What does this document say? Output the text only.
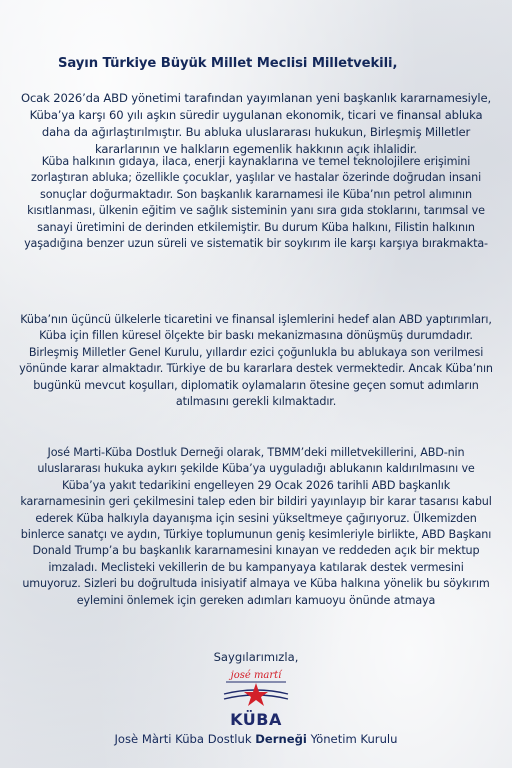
Sayın Türkiye Büyük Millet Meclisi Milletvekili,

Ocak 2026’da ABD yönetimi tarafından yayımlanan yeni başkanlık kararnamesiyle, Küba’ya karşı 60 yılı aşkın süredir uygulanan ekonomik, ticari ve finansal abluka daha da ağırlaştırılmıştır. Bu abluka uluslararası hukukun, Birleşmiş Milletler kararlarının ve halkların egemenlik hakkının açık ihlalidir.

Küba halkının gıdaya, ilaca, enerji kaynaklarına ve temel teknolojilere erişimini zorlaştıran abluka; özellikle çocuklar, yaşlılar ve hastalar özerinde doğrudan insani sonuçlar doğurmaktadır. Son başkanlık kararnamesi ile Küba’nın petrol alımının kısıtlanması, ülkenin eğitim ve sağlık sisteminin yanı sıra gıda stoklarını, tarımsal ve sanayi üretimini de derinden etkilemiştir. Bu durum Küba halkını, Filistin halkının yaşadığına benzer uzun süreli ve sistematik bir soykırım ile karşı karşıya bırakmakta-

Küba’nın üçüncü ülkelerle ticaretini ve finansal işlemlerini hedef alan ABD yaptırımları, Küba için fillen küresel ölçekte bir baskı mekanizmasına dönüşmüş durumdadır. Birleşmiş Milletler Genel Kurulu, yıllardır ezici çoğunlukla bu ablukaya son verilmesi yönünde karar almaktadır. Türkiye de bu kararlara destek vermektedir. Ancak Küba’nın bugünkü mevcut koşulları, diplomatik oylamaların ötesine geçen somut adımların atılmasını gerekli kılmaktadır.

José Marti-Küba Dostluk Derneği olarak, TBMM’deki milletvekillerini, ABD-nin uluslararası hukuka aykırı şekilde Küba’ya uyguladığı ablukanın kaldırılmasını ve Küba’ya yakıt tedarikini engelleyen 29 Ocak 2026 tarihli ABD başkanlık kararnamesinin geri çekilmesini talep eden bir bildiri yayınlayıp bir karar tasarısı kabul ederek Küba halkıyla dayanışma için sesini yükseltmeye çağırıyoruz. Ülkemizden binlerce sanatçı ve aydın, Türkiye toplumunun geniş kesimleriyle birlikte, ABD Başkanı Donald Trump’a bu başkanlık kararnamesini kınayan ve reddeden açık bir mektup imzaladı. Meclisteki vekillerin de bu kampanyaya katılarak destek vermesini umuyoruz. Sizleri bu doğrultuda inisiyatif almaya ve Küba halkına yönelik bu söykırım eylemini önlemek için gereken adımları kamuoyu önünde atmaya

Saygılarımızla,
josé martí
KÜBA
Josè Màrti Küba Dostluk Derneği Yönetim Kurulu
